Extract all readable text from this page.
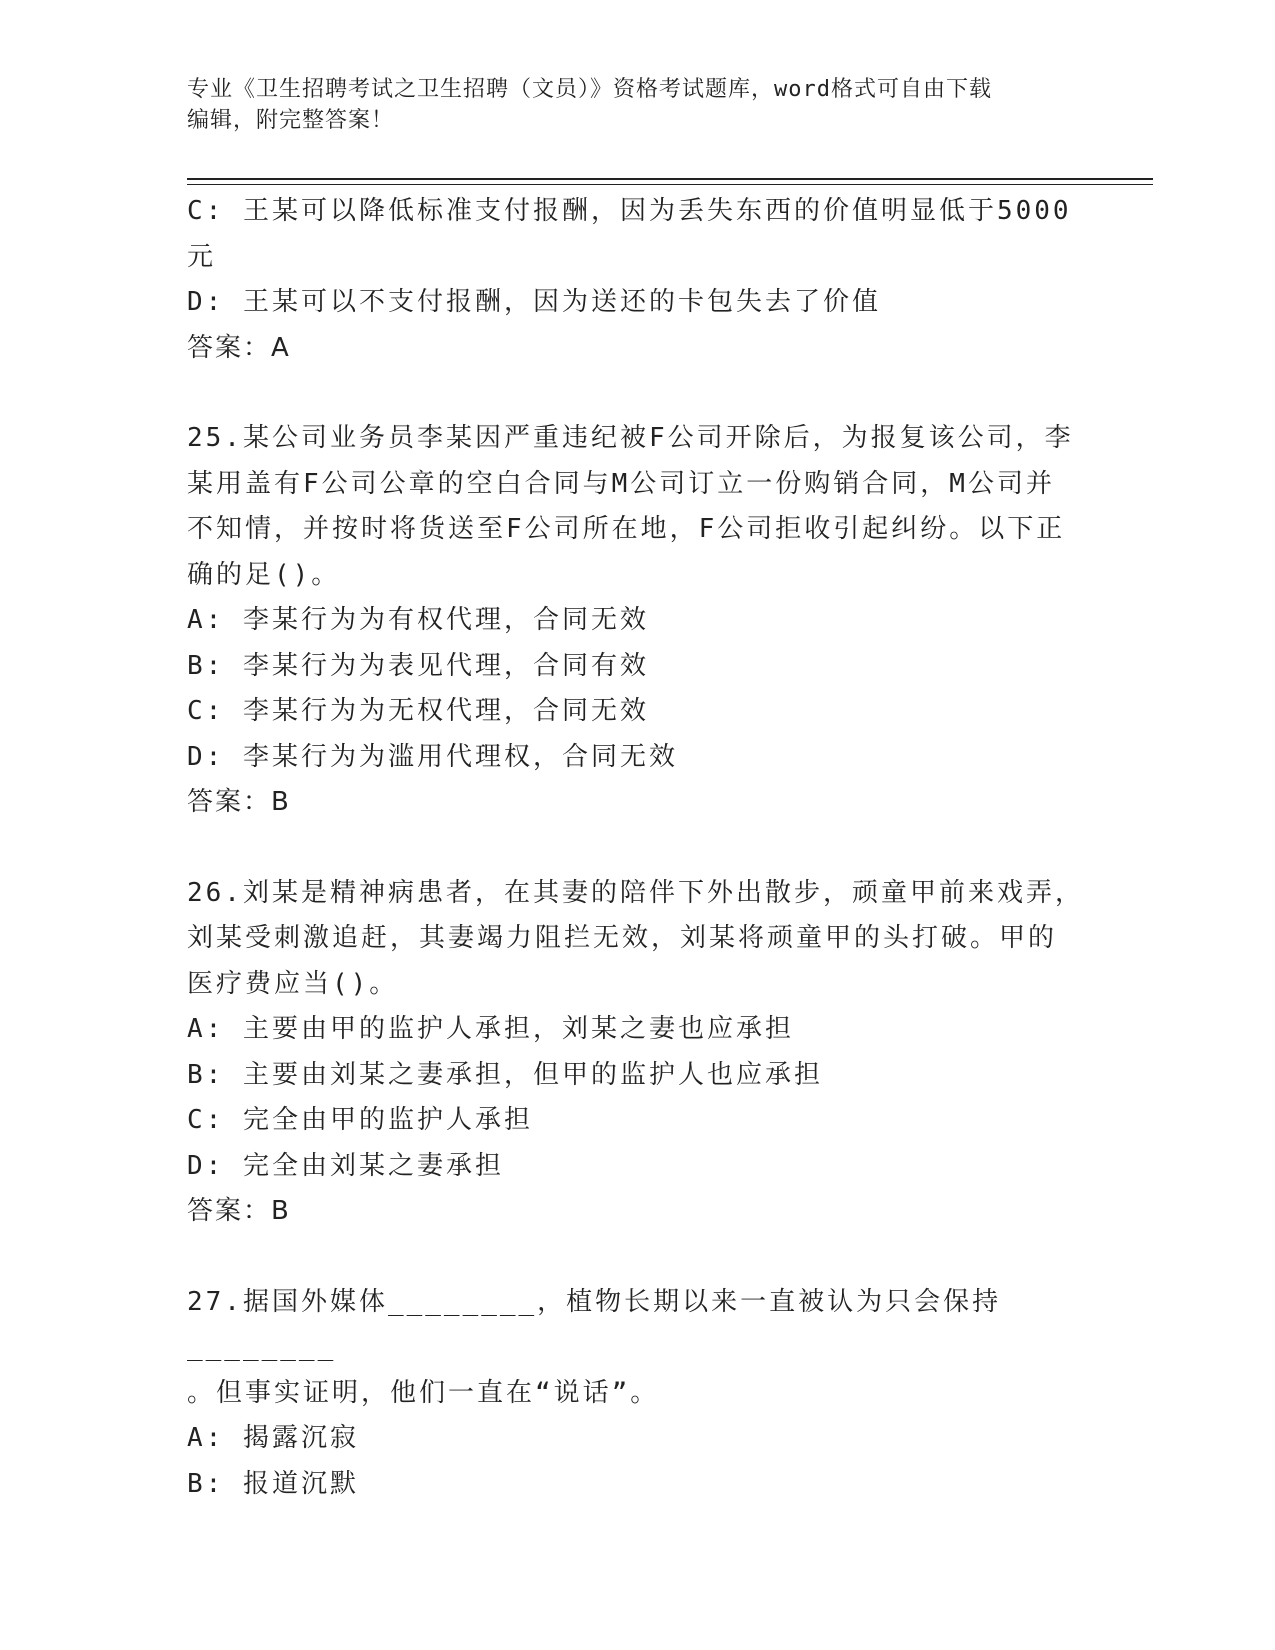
专业《卫生招聘考试之卫生招聘（文员）》资格考试题库，word格式可自由下载
编辑，附完整答案！

C: 王某可以降低标准支付报酬，因为丢失东西的价值明显低于5000

元

D: 王某可以不支付报酬，因为送还的卡包失去了价值

答案：A

25.某公司业务员李某因严重违纪被F公司开除后，为报复该公司，李

某用盖有F公司公章的空白合同与M公司订立一份购销合同，M公司并

不知情，并按时将货送至F公司所在地，F公司拒收引起纠纷。以下正

确的足()。

A: 李某行为为有权代理，合同无效

B: 李某行为为表见代理，合同有效

C: 李某行为为无权代理，合同无效

D: 李某行为为滥用代理权，合同无效

答案：B

26.刘某是精神病患者，在其妻的陪伴下外出散步，顽童甲前来戏弄，

刘某受刺激追赶，其妻竭力阻拦无效，刘某将顽童甲的头打破。甲的

医疗费应当()。

A: 主要由甲的监护人承担，刘某之妻也应承担

B: 主要由刘某之妻承担，但甲的监护人也应承担

C: 完全由甲的监护人承担

D: 完全由刘某之妻承担

答案：B

27.据国外媒体________，植物长期以来一直被认为只会保持________

。但事实证明，他们一直在“说话”。

A: 揭露沉寂

B: 报道沉默
